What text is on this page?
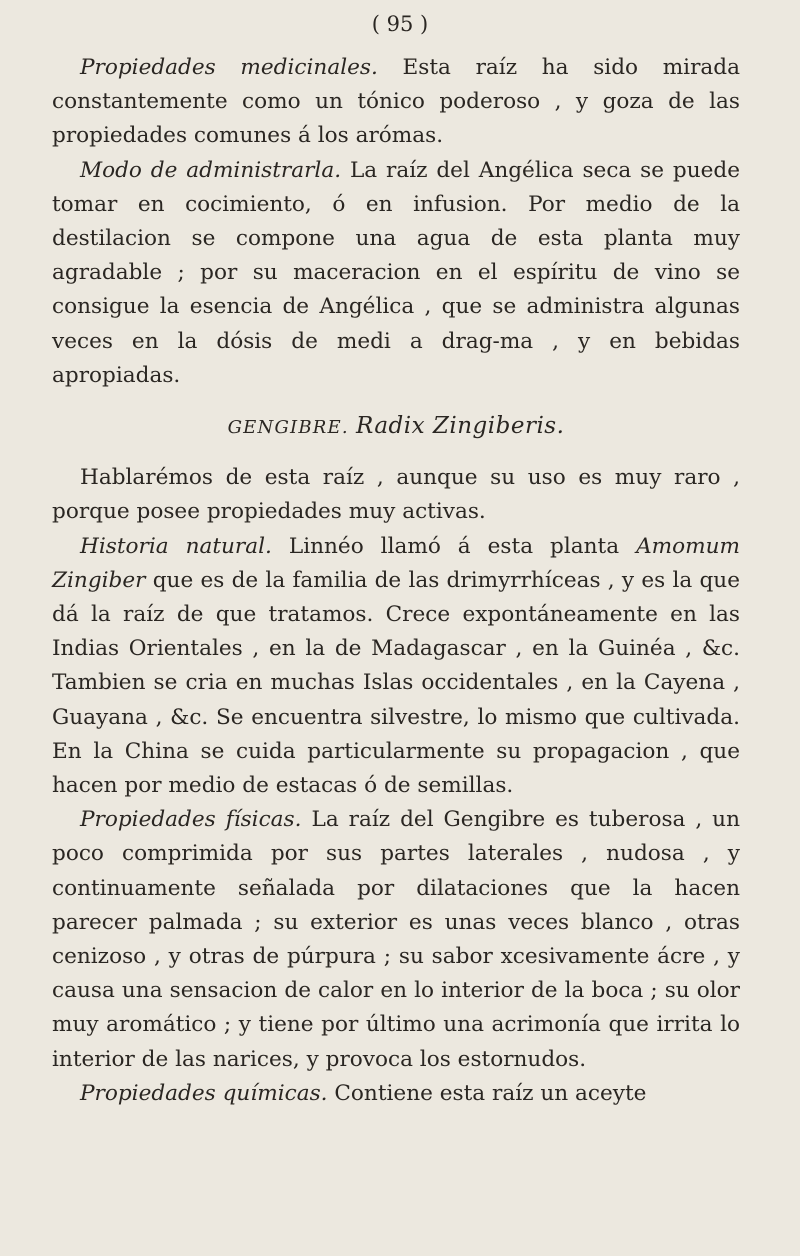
( 95 )

Propiedades medicinales. Esta raíz ha sido mirada constantemente como un tónico poderoso , y goza de las propiedades comunes á los arómas.

Modo de administrarla. La raíz del Angélica seca se puede tomar en cocimiento, ó en infusion. Por medio de la destilacion se compone una agua de esta planta muy agradable ; por su maceracion en el espíritu de vino se consigue la esencia de Angélica , que se administra algunas veces en la dósis de medi a drag-ma , y en bebidas apropiadas.

GENGIBRE. Radix Zingiberis.

Hablarémos de esta raíz , aunque su uso es muy raro , porque posee propiedades muy activas.

Historia natural. Linnéo llamó á esta planta Amomum Zingiber que es de la familia de las drimyrrhíceas , y es la que dá la raíz de que tratamos. Crece expontáneamente en las Indias Orientales , en la de Madagascar , en la Guinéa , &c. Tambien se cria en muchas Islas occidentales , en la Cayena , Guayana , &c. Se encuentra silvestre, lo mismo que cultivada. En la China se cuida particularmente su propagacion , que hacen por medio de estacas ó de semillas.

Propiedades físicas. La raíz del Gengibre es tuberosa , un poco comprimida por sus partes laterales , nudosa , y continuamente señalada por dilataciones que la hacen parecer palmada ; su exterior es unas veces blanco , otras cenizoso , y otras de púrpura ; su sabor xcesivamente ácre , y causa una sensacion de calor en lo interior de la boca ; su olor muy aromático ; y tiene por último una acrimonía que irrita lo interior de las narices, y provoca los estornudos.

Propiedades químicas. Contiene esta raíz un aceyte
